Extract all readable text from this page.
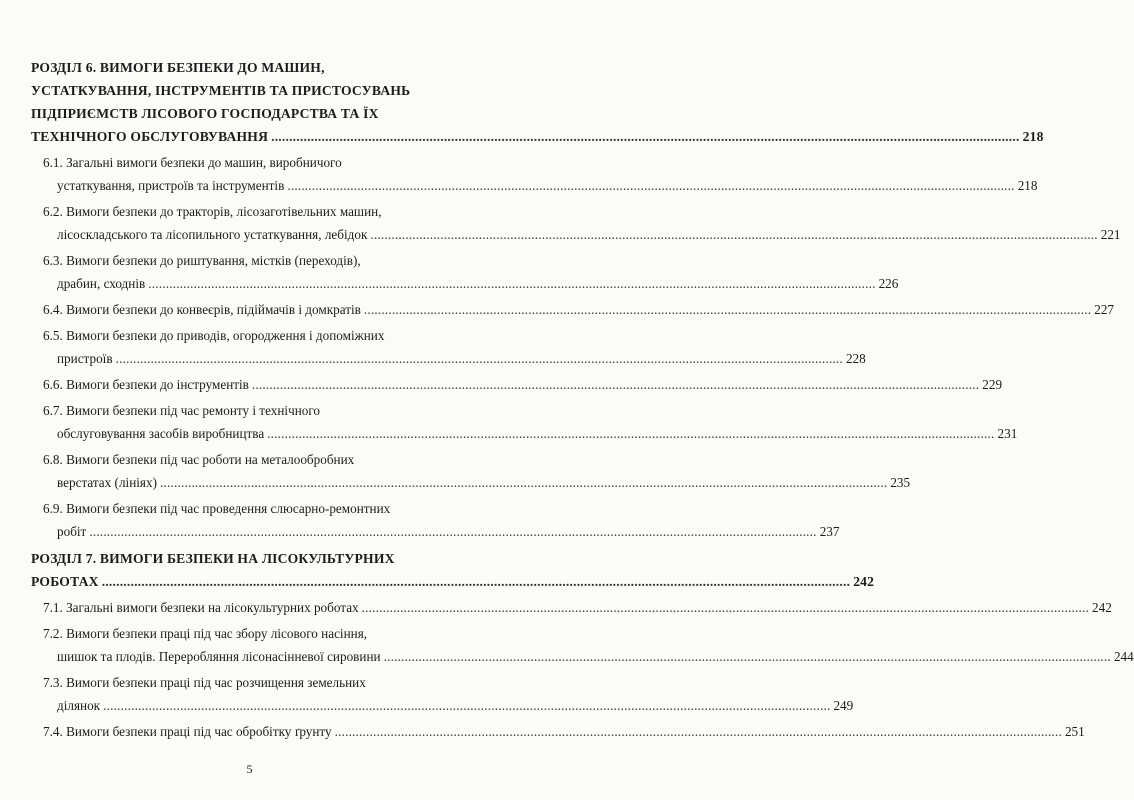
РОЗДІЛ 6. ВИМОГИ БЕЗПЕКИ ДО МАШИН,
УСТАТКУВАННЯ, ІНСТРУМЕНТІВ ТА ПРИСТОСУВАНЬ
ПІДПРИЄМСТВ ЛІСОВОГО ГОСПОДАРСТВА ТА ЇХ
ТЕХНІЧНОГО ОБСЛУГОВУВАННЯ .....	218
6.1. Загальні вимоги безпеки до машин, виробничого
устаткування, пристроїв та інструментів .....	218
6.2. Вимоги безпеки до тракторів, лісозаготівельних машин,
лісоскладського та лісопильного устаткування, лебідок .....	221
6.3. Вимоги безпеки до риштування, містків (переходів),
драбин, сходнів .....	226
6.4. Вимоги безпеки до конвеєрів, підіймачів і домкратів .....	227
6.5. Вимоги безпеки до приводів, огородження і допоміжних
пристроїв .....	228
6.6. Вимоги безпеки до інструментів .....	229
6.7. Вимоги безпеки під час ремонту і технічного
обслуговування засобів виробництва .....	231
6.8. Вимоги безпеки під час роботи на металообробних
верстатах (лініях) .....	235
6.9. Вимоги безпеки під час проведення слюсарно-ремонтних
робіт .....	237
РОЗДІЛ 7. ВИМОГИ БЕЗПЕКИ НА ЛІСОКУЛЬТУРНИХ
РОБОТАХ .....	242
7.1. Загальні вимоги безпеки на лісокультурних роботах .....	242
7.2. Вимоги безпеки праці під час збору лісового насіння,
шишок та плодів. Переробляння лісонасінневої сировини .....	244
7.3. Вимоги безпеки праці під час розчищення земельних
ділянок .....	249
7.4. Вимоги безпеки праці під час обробітку ґрунту .....	251
5
